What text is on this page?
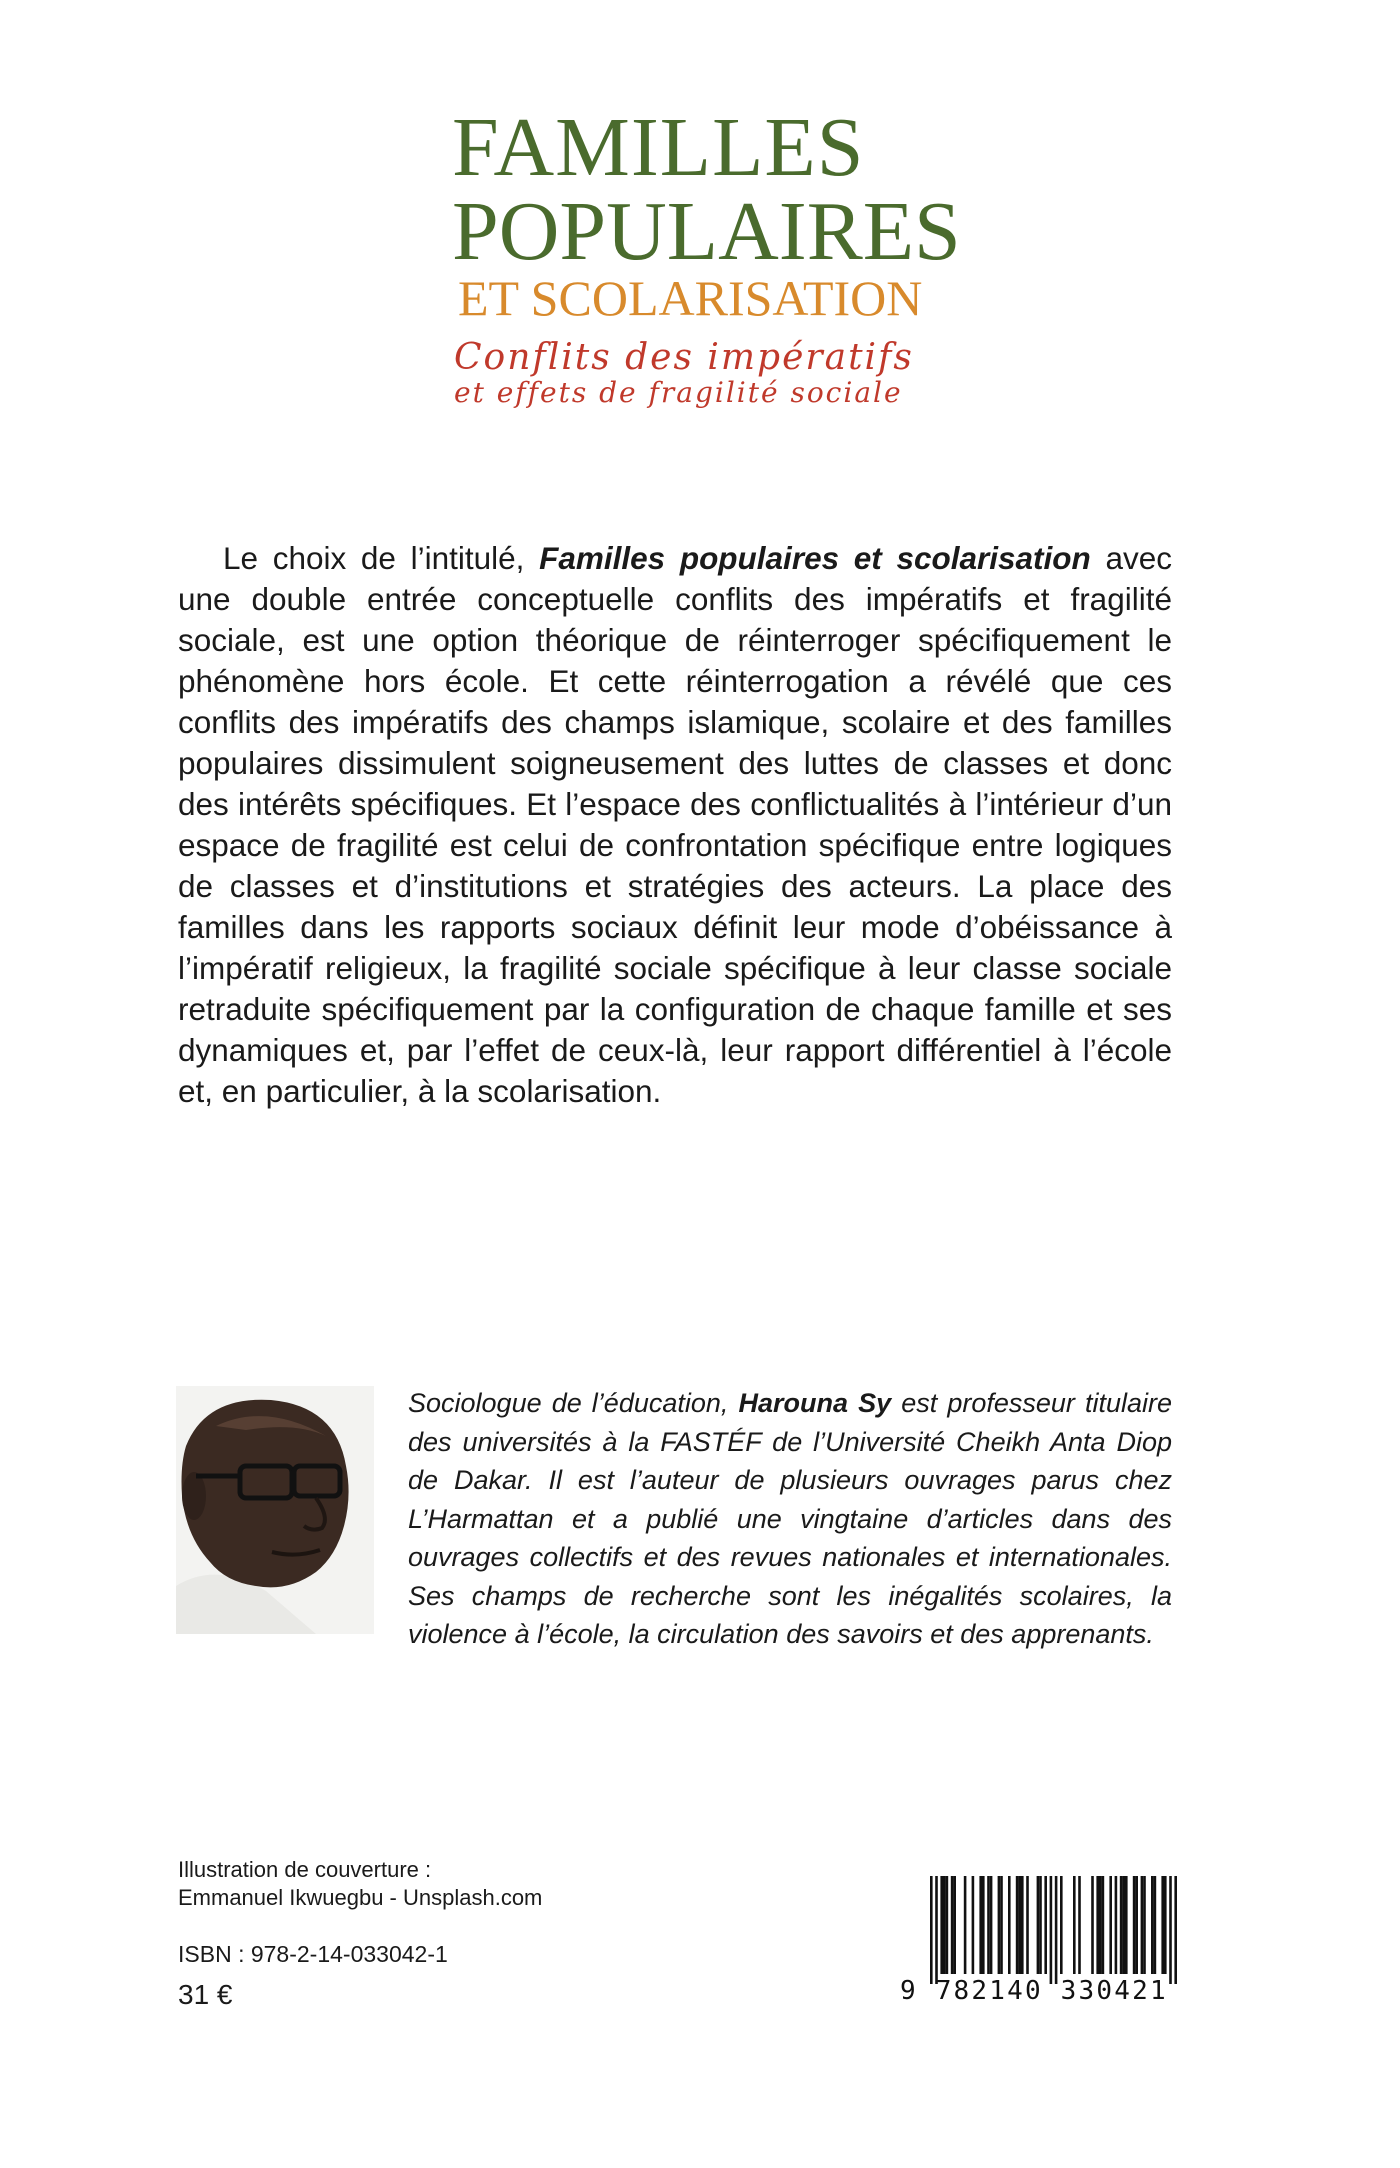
FAMILLES
POPULAIRES
ET SCOLARISATION
Conflits des impératifs
et effets de fragilité sociale
Le choix de l’intitulé, Familles populaires et scolarisation avec une double entrée conceptuelle conflits des impératifs et fragilité sociale, est une option théorique de réinterroger spécifiquement le phénomène hors école. Et cette réinterrogation a révélé que ces conflits des impératifs des champs islamique, scolaire et des familles populaires dissimulent soigneusement des luttes de classes et donc des intérêts spécifiques. Et l’espace des conflictualités à l’intérieur d’un espace de fragilité est celui de confrontation spécifique entre logiques de classes et d’institutions et stratégies des acteurs. La place des familles dans les rapports sociaux définit leur mode d’obéissance à l’impératif religieux, la fragilité sociale spécifique à leur classe sociale retraduite spécifiquement par la configuration de chaque famille et ses dynamiques et, par l’effet de ceux-là, leur rapport différentiel à l’école et, en particulier, à la scolarisation.
Sociologue de l’éducation, Harouna Sy est professeur titulaire des universités à la FASTÉF de l’Université Cheikh Anta Diop de Dakar. Il est l’auteur de plusieurs ouvrages parus chez L’Harmattan et a publié une vingtaine d’articles dans des ouvrages collectifs et des revues nationales et internationales. Ses champs de recherche sont les inégalités scolaires, la violence à l’école, la circulation des savoirs et des apprenants.
Illustration de couverture :
Emmanuel Ikwuegbu - Unsplash.com
ISBN : 978-2-14-033042-1
31 €	9 782140 330421
